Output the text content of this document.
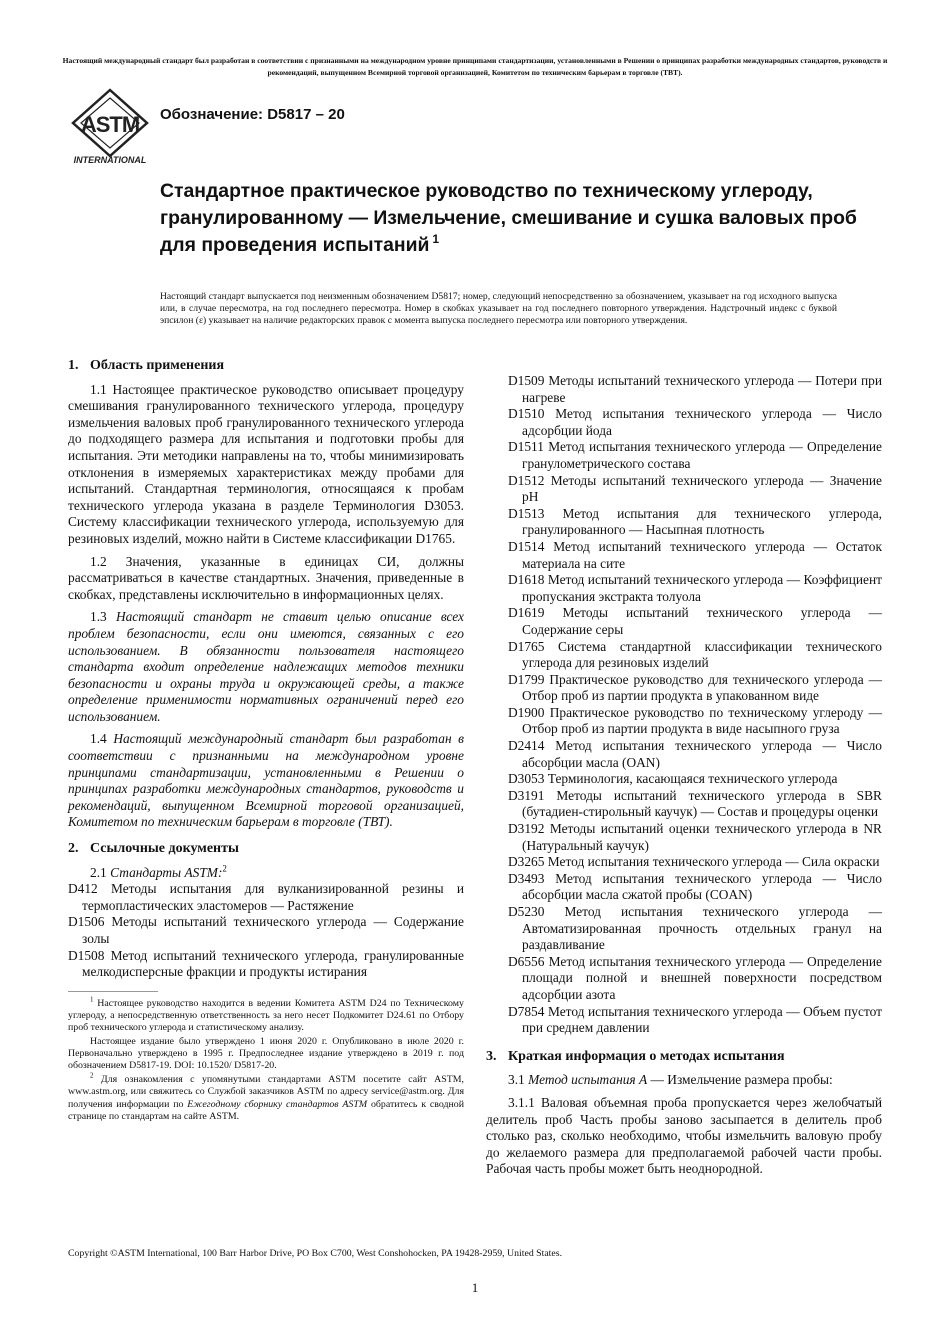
Настоящий международный стандарт был разработан в соответствии с признанными на международном уровне принципами стандартизации, установленными в Решении о принципах разработки международных стандартов, руководств и рекомендаций, выпущенном Всемирной торговой организацией, Комитетом по техническим барьерам в торговле (ТВТ).
ASTM
INTERNATIONAL
Обозначение: D5817 – 20
Стандартное практическое руководство по техническому углероду, гранулированному — Измельчение, смешивание и сушка валовых проб для проведения испытаний $^1$
Настоящий стандарт выпускается под неизменным обозначением D5817; номер, следующий непосредственно за обозначением, указывает на год исходного выпуска или, в случае пересмотра, на год последнего пересмотра. Номер в скобках указывает на год последнего повторного утверждения. Надстрочный индекс с буквой эпсилон (ε) указывает на наличие редакторских правок с момента выпуска последнего пересмотра или повторного утверждения.
1. Область применения

1.1 Настоящее практическое руководство описывает процедуру смешивания гранулированного технического углерода, процедуру измельчения валовых проб гранулированного технического углерода до подходящего размера для испытания и подготовки пробы для испытания. Эти методики направлены на то, чтобы минимизировать отклонения в измеряемых характеристиках между пробами для испытаний. Стандартная терминология, относящаяся к пробам технического углерода указана в разделе Терминология D3053. Систему классификации технического углерода, используемую для резиновых изделий, можно найти в Системе классификации D1765.

1.2 Значения, указанные в единицах СИ, должны рассматриваться в качестве стандартных. Значения, приведенные в скобках, представлены исключительно в информационных целях.

1.3 Настоящий стандарт не ставит целью описание всех проблем безопасности, если они имеются, связанных с его использованием. В обязанности пользователя настоящего стандарта входит определение надлежащих методов техники безопасности и охраны труда и окружающей среды, а также определение применимости нормативных ограничений перед его использованием.

1.4 Настоящий международный стандарт был разработан в соответствии с признанными на международном уровне принципами стандартизации, установленными в Решении о принципах разработки международных стандартов, руководств и рекомендаций, выпущенном Всемирной торговой организацией, Комитетом по техническим барьерам в торговле (ТВТ).

2. Ссылочные документы

2.1 Стандарты ASTM:$^2$

D412 Методы испытания для вулканизированной резины и термопластических эластомеров — Растяжение

D1506 Методы испытаний технического углерода — Содержание золы

D1508 Метод испытаний технического углерода, гранулированные мелкодисперсные фракции и продукты истирания

$^1$ Настоящее руководство находится в ведении Комитета ASTM D24 по Техническому углероду, а непосредственную ответственность за него несет Подкомитет D24.61 по Отбору проб технического углерода и статистическому анализу.

Настоящее издание было утверждено 1 июня 2020 г. Опубликовано в июле 2020 г. Первоначально утверждено в 1995 г. Предпоследнее издание утверждено в 2019 г. под обозначением D5817-19. DOI: 10.1520/ D5817-20.

$^2$ Для ознакомления с упомянутыми стандартами ASTM посетите сайт ASTM, www.astm.org, или свяжитесь со Службой заказчиков ASTM по адресу service@astm.org. Для получения информации по Ежегодному сборнику стандартов ASTM обратитесь к сводной странице по стандартам на сайте ASTM.

D1509 Методы испытаний технического углерода — Потери при нагреве

D1510 Метод испытания технического углерода — Число адсорбции йода

D1511 Метод испытания технического углерода — Определение гранулометрического состава

D1512 Методы испытаний технического углерода — Значение pH

D1513 Метод испытания для технического углерода, гранулированного — Насыпная плотность

D1514 Метод испытаний технического углерода — Остаток материала на сите

D1618 Метод испытаний технического углерода — Коэффициент пропускания экстракта толуола

D1619 Методы испытаний технического углерода — Содержание серы

D1765 Система стандартной классификации технического углерода для резиновых изделий

D1799 Практическое руководство для технического углерода — Отбор проб из партии продукта в упакованном виде

D1900 Практическое руководство по техническому углероду — Отбор проб из партии продукта в виде насыпного груза

D2414 Метод испытания технического углерода — Число абсорбции масла (OAN)

D3053 Терминология, касающаяся технического углерода

D3191 Методы испытаний технического углерода в SBR (бутадиен-стирольный каучук) — Состав и процедуры оценки

D3192 Методы испытаний оценки технического углерода в NR (Натуральный каучук)

D3265 Метод испытания технического углерода — Сила окраски

D3493 Метод испытания технического углерода — Число абсорбции масла сжатой пробы (COAN)

D5230 Метод испытания технического углерода — Автоматизированная прочность отдельных гранул на раздавливание

D6556 Метод испытания технического углерода — Определение площади полной и внешней поверхности посредством адсорбции азота

D7854 Метод испытания технического углерода — Объем пустот при среднем давлении

3. Краткая информация о методах испытания

3.1 Метод испытания А — Измельчение размера пробы:

3.1.1 Валовая объемная проба пропускается через желобчатый делитель проб Часть пробы заново засыпается в делитель проб столько раз, сколько необходимо, чтобы измельчить валовую пробу до желаемого размера для предполагаемой рабочей части пробы. Рабочая часть пробы может быть неоднородной.

Copyright ©ASTM International, 100 Barr Harbor Drive, PO Box C700, West Conshohocken, PA 19428-2959, United States.
1
